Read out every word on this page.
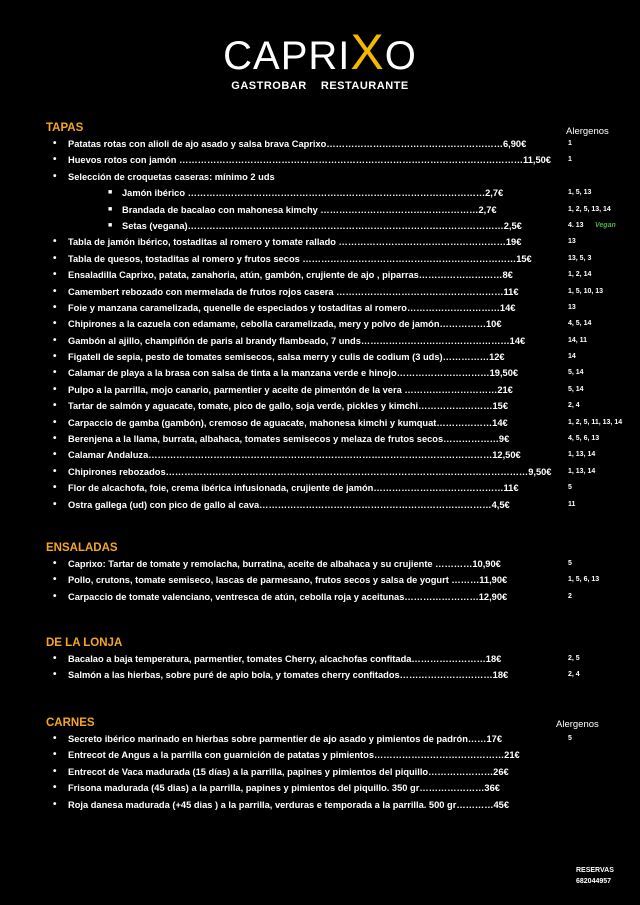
CAPRIXO
GASTROBAR    RESTAURANTE
Alergenos
Alergenos
TAPAS
• Patatas rotas con alioli de ajo asado y salsa brava Caprixo…………………………………………………6,90€	1
• Huevos rotos con jamón …………………………………………………………………………………………………11,50€ 1
• Selección de croquetas caseras: mínimo 2 uds
■ Jamón ibérico ……………………………………………………………………………………2,7€	1, 5, 13
■ Brandada de bacalao con mahonesa kimchy ……………………………………………2,7€	1, 2, 5, 13, 14
■ Setas (vegana)…………………………………………………………………………………………2,5€	4. 13 Vegan
• Tabla de jamón ibérico, tostaditas al romero y tomate rallado ………………………………………………19€	13
• Tabla de quesos, tostaditas al romero y frutos secos ……………………………………………………………15€	13, 5, 3
• Ensaladilla Caprixo, patata, zanahoria, atún, gambón, crujiente de ajo , piparras………………………8€	1, 2, 14
• Camembert rebozado con mermelada de frutos rojos casera ………………………………………………11€	1, 5, 10, 13
• Foie y manzana caramelizada, quenelle de especiados y tostaditas al romero…………………………14€	13
• Chipirones a la cazuela con edamame, cebolla caramelizada, mery y polvo de jamón……………10€	4, 5, 14
• Gambón al ajillo, champiñón de paris al brandy flambeado, 7 unds…………………………………………14€	14, 11
• Figatell de sepia, pesto de tomates semisecos, salsa merry y culis de codium (3 uds)……………12€	14
• Calamar de playa a la brasa con salsa de tinta a la manzana verde e hinojo…………………………19,50€	5, 14
• Pulpo a la parrilla, mojo canario, parmentier y aceite de pimentón de la vera …………………………21€	5, 14
• Tartar de salmón y aguacate, tomate, pico de gallo, soja verde, pickles y kimchi……………………15€	2, 4
• Carpaccio de gamba (gambón), cremoso de aguacate, mahonesa kimchi y kumquat………………14€	1, 2, 5, 11, 13, 14
• Berenjena a la llama, burrata, albahaca, tomates semisecos y melaza de frutos secos………………9€	4, 5, 6, 13
• Calamar Andaluza…………………………………………………………………………………………………12,50€	1, 13, 14
• Chipirones rebozados………………………………………………………………………………………………………9,50€ 1, 13, 14
• Flor de alcachofa, foie, crema ibérica infusionada, crujiente de jamón……………………………………11€	5
• Ostra gallega (ud) con pico de gallo al cava…………………………………………………………………4,5€	11
ENSALADAS
• Caprixo: Tartar de tomate y remolacha, burratina, aceite de albahaca y su crujiente …………10,90€	5
• Pollo, crutons, tomate semiseco, lascas de parmesano, frutos secos y salsa de yogurt ………11,90€	1, 5, 6, 13
• Carpaccio de tomate valenciano, ventresca de atún, cebolla roja y aceitunas……………………12,90€	2
DE LA LONJA
• Bacalao a baja temperatura, parmentier, tomates Cherry, alcachofas confitada……………………18€	2, 5
• Salmón a las hierbas, sobre puré de apio bola, y tomates cherry confitados…………………………18€	2, 4
CARNES
• Secreto ibérico marinado en hierbas sobre parmentier de ajo asado y pimientos de padrón……17€	5
• Entrecot de Angus a la parrilla con guarnición de patatas y pimientos……………………………………21€
• Entrecot de Vaca madurada (15 días) a la parrilla, papines y pimientos del piquillo…………………26€
• Frisona madurada (45 dias) a la parrilla, papines y pimientos del piquillo. 350 gr…………………36€
• Roja danesa madurada (+45 dias ) a la parrilla, verduras e temporada a la parrilla. 500 gr…………45€
RESERVAS
682044957
